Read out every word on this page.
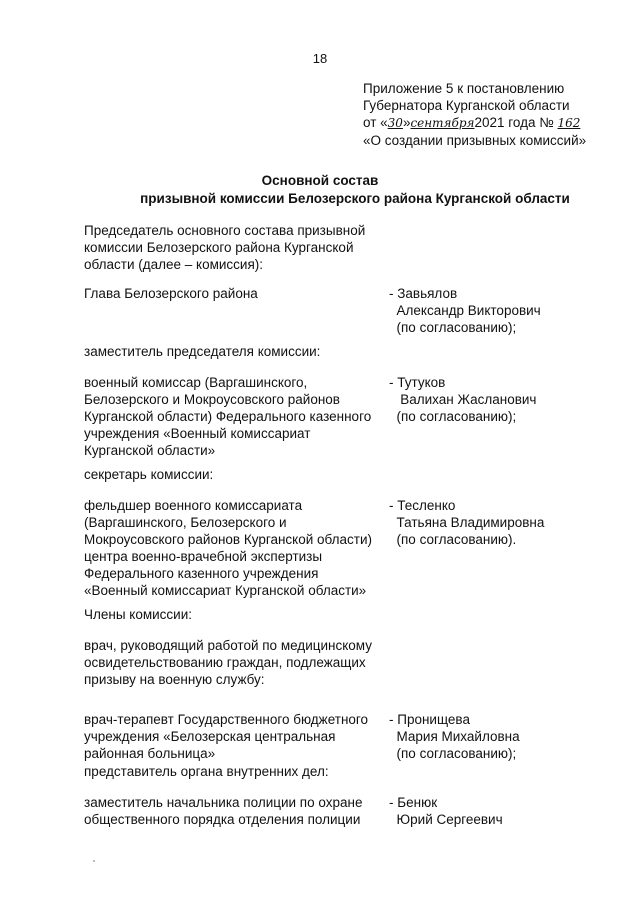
18
Приложение 5 к постановлению
Губернатора Курганской области
от «30»сентября2021 года № 162
«О создании призывных комиссий»
Основной состав
призывной комиссии Белозерского района Курганской области
Председатель основного состава призывной
комиссии Белозерского района Курганской
области (далее – комиссия):
Глава Белозерского района	- Завьялов
Александр Викторович
(по согласованию);
заместитель председателя комиссии:
военный комиссар (Варгашинского,
Белозерского и Мокроусовского районов
Курганской области) Федерального казенного
учреждения «Военный комиссариат
Курганской области»
- Тутуков
Валихан Жасланович
(по согласованию);
секретарь комиссии:
фельдшер военного комиссариата
(Варгашинского, Белозерского и
Мокроусовского районов Курганской области)
центра военно-врачебной экспертизы
Федерального казенного учреждения
«Военный комиссариат Курганской области»
- Тесленко
Татьяна Владимировна
(по согласованию).
Члены комиссии:
врач, руководящий работой по медицинскому
освидетельствованию граждан, подлежащих
призыву на военную службу:
врач-терапевт Государственного бюджетного
учреждения «Белозерская центральная
районная больница»
- Пронищева
Мария Михайловна
(по согласованию);
представитель органа внутренних дел:
заместитель начальника полиции по охране
общественного порядка отделения полиции
- Бенюк
Юрий Сергеевич
